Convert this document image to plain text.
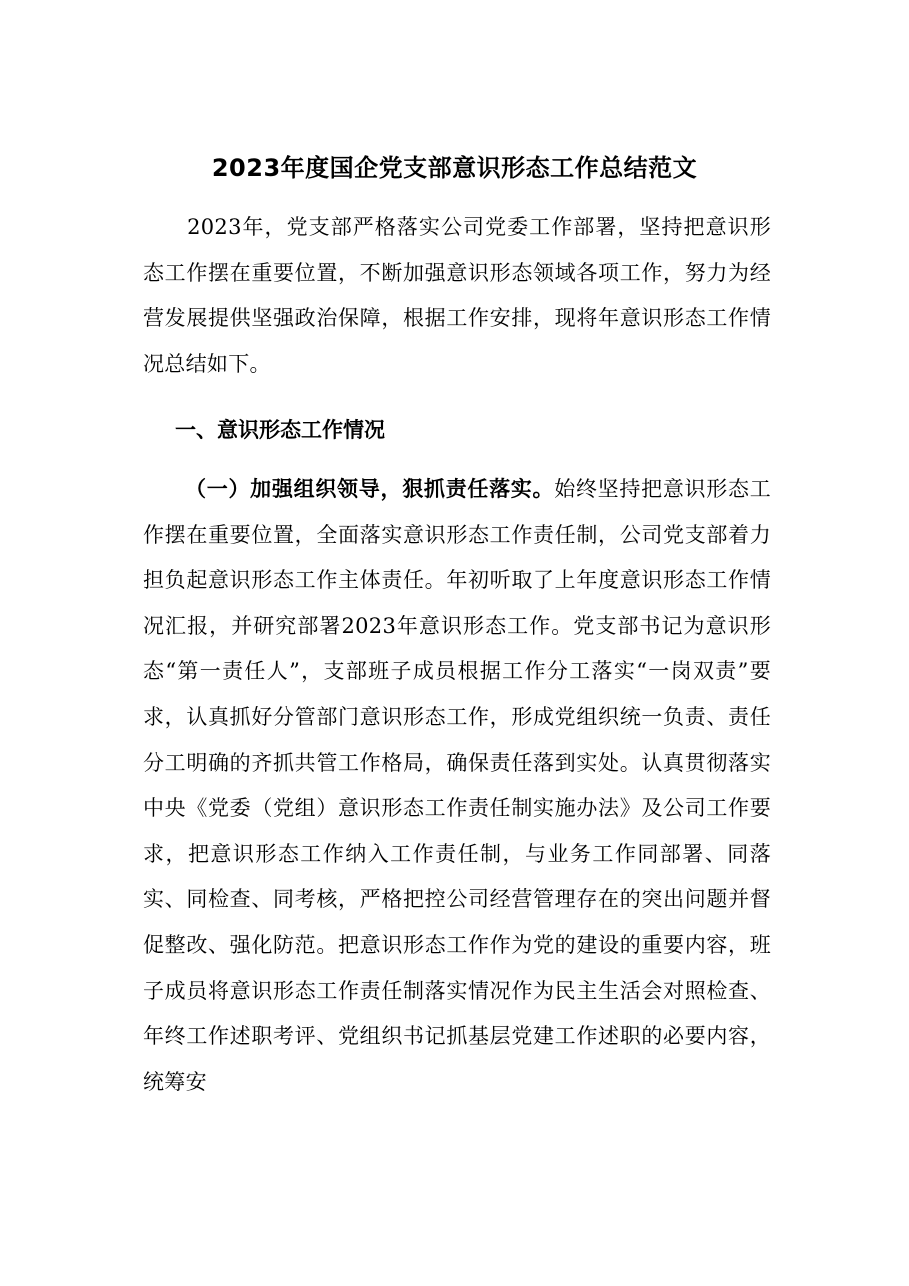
2023年度国企党支部意识形态工作总结范文

2023年，党支部严格落实公司党委工作部署，坚持把意识形态工作摆在重要位置，不断加强意识形态领域各项工作，努力为经营发展提供坚强政治保障，根据工作安排，现将年意识形态工作情况总结如下。

一、意识形态工作情况

（一）加强组织领导，狠抓责任落实。始终坚持把意识形态工作摆在重要位置，全面落实意识形态工作责任制，公司党支部着力担负起意识形态工作主体责任。年初听取了上年度意识形态工作情况汇报，并研究部署2023年意识形态工作。党支部书记为意识形态“第一责任人”，支部班子成员根据工作分工落实“一岗双责”要求，认真抓好分管部门意识形态工作，形成党组织统一负责、责任分工明确的齐抓共管工作格局，确保责任落到实处。认真贯彻落实中央《党委（党组）意识形态工作责任制实施办法》及公司工作要求，把意识形态工作纳入工作责任制，与业务工作同部署、同落实、同检查、同考核，严格把控公司经营管理存在的突出问题并督促整改、强化防范。把意识形态工作作为党的建设的重要内容，班子成员将意识形态工作责任制落实情况作为民主生活会对照检查、年终工作述职考评、党组织书记抓基层党建工作述职的必要内容，统筹安
